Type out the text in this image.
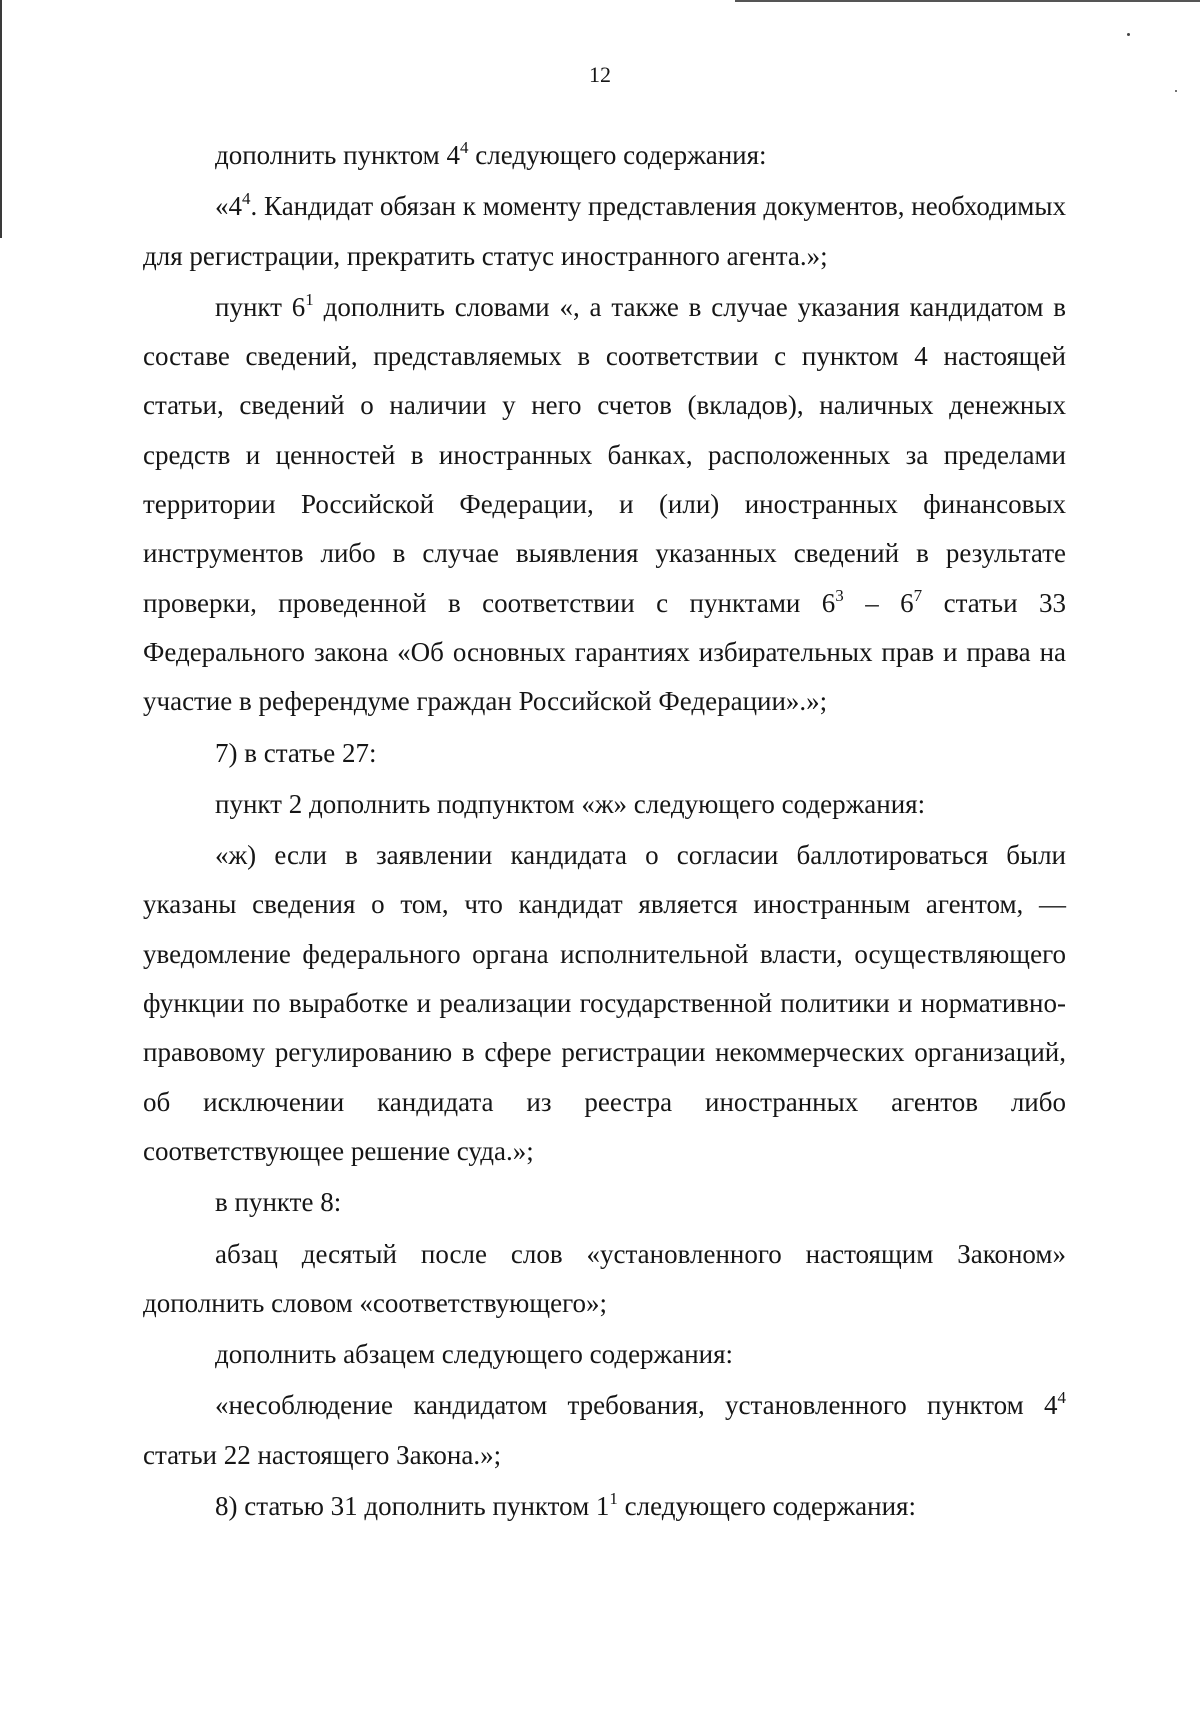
12

дополнить пунктом $4^4$ следующего содержания:

«$4^4$. Кандидат обязан к моменту представления документов, необходимых для регистрации, прекратить статус иностранного агента.»;

пункт $6^1$ дополнить словами «, а также в случае указания кандидатом в составе сведений, представляемых в соответствии с пунктом 4 настоящей статьи, сведений о наличии у него счетов (вкладов), наличных денежных средств и ценностей в иностранных банках, расположенных за пределами территории Российской Федерации, и (или) иностранных финансовых инструментов либо в случае выявления указанных сведений в результате проверки, проведенной в соответствии с пунктами $6^3 - 6^7$ статьи 33 Федерального закона «Об основных гарантиях избирательных прав и права на участие в референдуме граждан Российской Федерации».»;

7) в статье 27:

пункт 2 дополнить подпунктом «ж» следующего содержания:

«ж) если в заявлении кандидата о согласии баллотироваться были указаны сведения о том, что кандидат является иностранным агентом, — уведомление федерального органа исполнительной власти, осуществляющего функции по выработке и реализации государственной политики и нормативно-правовому регулированию в сфере регистрации некоммерческих организаций, об исключении кандидата из реестра иностранных агентов либо соответствующее решение суда.»;

в пункте 8:

абзац десятый после слов «установленного настоящим Законом» дополнить словом «соответствующего»;

дополнить абзацем следующего содержания:

«несоблюдение кандидатом требования, установленного пунктом $4^4$ статьи 22 настоящего Закона.»;

8) статью 31 дополнить пунктом $1^1$ следующего содержания:
